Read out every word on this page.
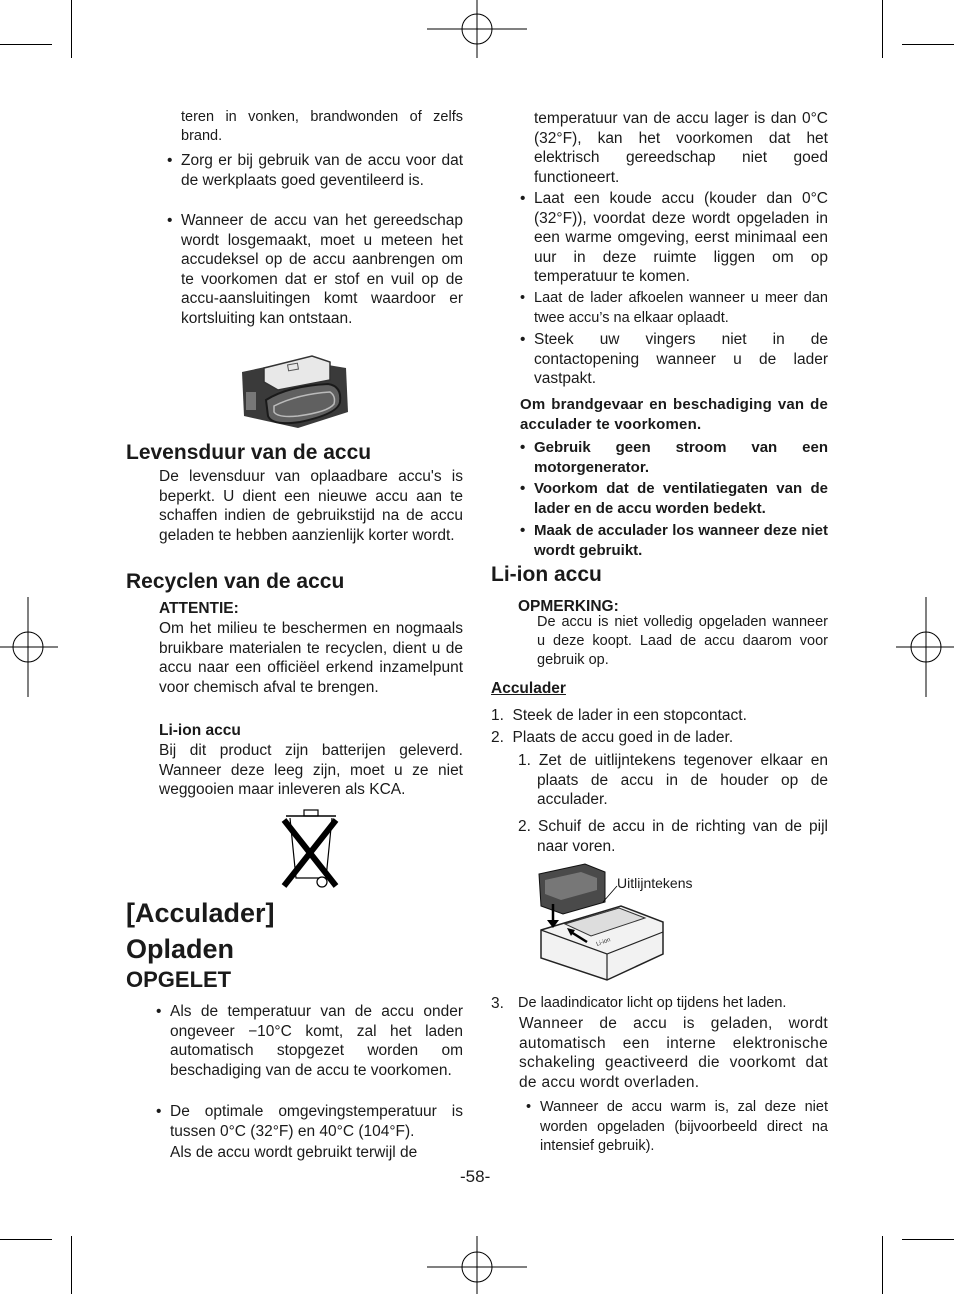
teren in vonken, brandwonden of zelfs brand.
• Zorg er bij gebruik van de accu voor dat de werkplaats goed geventileerd is.
• Wanneer de accu van het gereedschap wordt losgemaakt, moet u meteen het accudeksel op de accu aanbrengen om te voorkomen dat er stof en vuil op de accu-aansluitingen komt waardoor er kortsluiting kan ontstaan.
Levensduur van de accu
De levensduur van oplaadbare accu's is beperkt. U dient een nieuwe accu aan te schaffen indien de gebruikstijd na de accu geladen te hebben aanzienlijk korter wordt.
Recyclen van de accu
ATTENTIE:
Om het milieu te beschermen en nogmaals bruikbare materialen te recyclen, dient u de accu naar een officiëel erkend inzamelpunt voor chemisch afval te brengen.
Li-ion accu
Bij dit product zijn batterijen geleverd. Wanneer deze leeg zijn, moet u ze niet weggooien maar inleveren als KCA.
[Acculader]
Opladen
OPGELET
• Als de temperatuur van de accu onder ongeveer −10°C komt, zal het laden automatisch stopgezet worden om beschadiging van de accu te voorkomen.
• De optimale omgevingstemperatuur is tussen 0°C (32°F) en 40°C (104°F).
Als de accu wordt gebruikt terwijl de
temperatuur van de accu lager is dan 0°C (32°F), kan het voorkomen dat het elektrisch gereedschap niet goed functioneert.
• Laat een koude accu (kouder dan 0°C (32°F)), voordat deze wordt opgeladen in een warme omgeving, eerst minimaal een uur in deze ruimte liggen om op temperatuur te komen.
• Laat de lader afkoelen wanneer u meer dan twee accu’s na elkaar oplaadt.
• Steek uw vingers niet in de contactopening wanneer u de lader vastpakt.
Om brandgevaar en beschadiging van de acculader te voorkomen.
• Gebruik geen stroom van een motorgenerator.
• Voorkom dat de ventilatiegaten van de lader en de accu worden bedekt.
• Maak de acculader los wanneer deze niet wordt gebruikt.
Li-ion accu
OPMERKING:
De accu is niet volledig opgeladen wanneer u deze koopt. Laad de accu daarom voor gebruik op.
Acculader
1.  Steek de lader in een stopcontact.
2.  Plaats de accu goed in de lader.
1. Zet de uitlijntekens tegenover elkaar en plaats de accu in de houder op de acculader.
2. Schuif de accu in de richting van de pijl naar voren.
Li-ion
Uitlijntekens
3. De laadindicator licht op tijdens het laden.
Wanneer de accu is geladen, wordt automatisch een interne elektronische schakeling geactiveerd die voorkomt dat de accu wordt overladen.
• Wanneer de accu warm is, zal deze niet worden opgeladen (bijvoorbeeld direct na intensief gebruik).
-58-
